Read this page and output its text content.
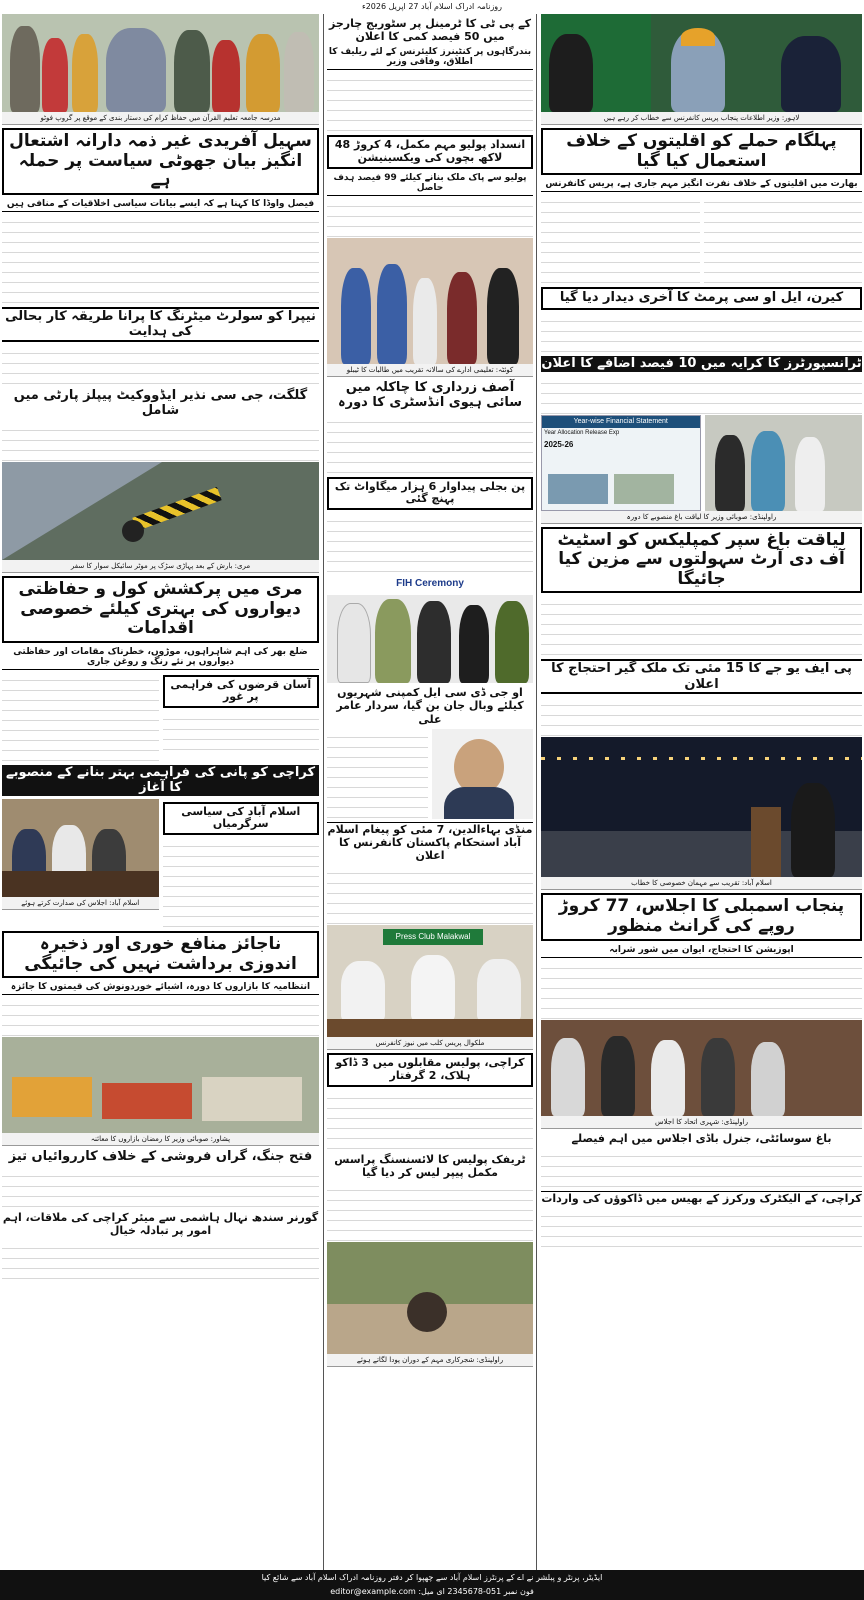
روزنامہ ادراک اسلام آباد 27 اپریل 2026ء
مدرسہ جامعہ تعلیم القرآن میں حفاظ کرام کی دستار بندی کے موقع پر گروپ فوٹو
سہیل آفریدی غیر ذمہ دارانہ اشتعال انگیز بیان جھوٹی سیاست پر حملہ ہے
فیصل واوڈا کا کہنا ہے کہ ایسے بیانات سیاسی اخلاقیات کے منافی ہیں
نیپرا کو سولرٹ میٹرنگ کا پرانا طریقہ کار بحالی کی ہدایت
گلگت، جی سی نذیر ایڈووکیٹ پیپلز پارٹی میں شامل
مری: بارش کے بعد پہاڑی سڑک پر موٹر سائیکل سوار کا سفر
مری میں پرکشش کول و حفاظتی دیواروں کی بہتری کیلئے خصوصی اقدامات
ضلع بھر کی اہم شاہراہوں، موڑوں، خطرناک مقامات اور حفاظتی دیواروں پر نئے رنگ و روغن جاری
آسان قرضوں کی فراہمی پر غور
کراچی کو پانی کی فراہمی بہتر بنانے کے منصوبے کا آغاز
اسلام آباد: اجلاس کی صدارت کرتے ہوئے
اسلام آباد کی سیاسی سرگرمیاں
ناجائز منافع خوری اور ذخیرہ اندوزی برداشت نہیں کی جائیگی
انتظامیہ کا بازاروں کا دورہ، اشیائے خوردونوش کی قیمتوں کا جائزہ
پشاور: صوبائی وزیر کا رمضان بازاروں کا معائنہ
فتح جنگ، گراں فروشی کے خلاف کارروائیاں تیز
گورنر سندھ نہال ہاشمی سے میئر کراچی کی ملاقات، اہم امور پر تبادلہ خیال
کے پی ٹی کا ٹرمینل پر سٹوریج چارجز میں 50 فیصد کمی کا اعلان
بندرگاہوں پر کنٹینرز کلیئرنس کے لئے ریلیف کا اطلاق، وفاقی وزیر
انسداد پولیو مہم مکمل، 4 کروڑ 48 لاکھ بچوں کی ویکسینیشن
پولیو سے پاک ملک بنانے کیلئے 99 فیصد ہدف حاصل
کوئٹہ: تعلیمی ادارے کی سالانہ تقریب میں طالبات کا ٹیبلو
آصف زرداری کا چاکلہ میں سائی ہیوی انڈسٹری کا دورہ
پن بجلی پیداوار 6 ہزار میگاواٹ تک پہنچ گئی
FIH Ceremony
او جی ڈی سی ایل کمپنی شہریوں کیلئے وبال جان بن گیا، سردار عامر علی
منڈی بہاءالدین، 7 مئی کو پیغام اسلام آباد استحکام پاکستان کانفرنس کا اعلان
Press Club Malakwal
ملکوال پریس کلب میں نیوز کانفرنس
کراچی، پولیس مقابلوں میں 3 ڈاکو ہلاک، 2 گرفتار
ٹریفک پولیس کا لائسنسنگ پراسس مکمل پیپر لیس کر دیا گیا
راولپنڈی: شجرکاری مہم کے دوران پودا لگاتے ہوئے
لاہور: وزیر اطلاعات پنجاب پریس کانفرنس سے خطاب کر رہے ہیں
پہلگام حملے کو اقلیتوں کے خلاف استعمال کیا گیا
بھارت میں اقلیتوں کے خلاف نفرت انگیز مہم جاری ہے، پریس کانفرنس
کیرن، ایل او سی پرمٹ کا آخری دیدار دیا گیا
ٹرانسپورٹرز کا کرایہ میں 10 فیصد اضافے کا اعلان
Year-wise Financial Statement
Year Allocation Release Exp
2025-26
راولپنڈی: صوبائی وزیر کا لیاقت باغ منصوبے کا دورہ
لیاقت باغ سپر کمپلیکس کو اسٹیٹ آف دی آرٹ سہولتوں سے مزین کیا جائیگا
پی ایف یو جے کا 15 مئی تک ملک گیر احتجاج کا اعلان
اسلام آباد: تقریب سے مہمان خصوصی کا خطاب
پنجاب اسمبلی کا اجلاس، 77 کروڑ روپے کی گرانٹ منظور
اپوزیشن کا احتجاج، ایوان میں شور شرابہ
راولپنڈی: شہری اتحاد کا اجلاس
باغ سوسائٹی، جنرل باڈی اجلاس میں اہم فیصلے
کراچی، کے الیکٹرک ورکرز کے بھیس میں ڈاکوؤں کی واردات
ایڈیٹر، پرنٹر و پبلشر نے اے کے پرنٹرز اسلام آباد سے چھپوا کر دفتر روزنامہ ادراک اسلام آباد سے شائع کیا
فون نمبر 051-2345678 ای میل: editor@example.com
